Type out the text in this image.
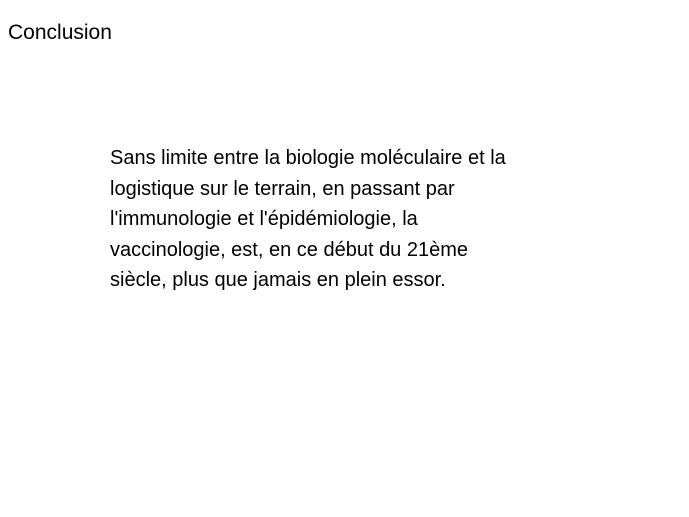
Conclusion
Sans limite entre la biologie moléculaire et la
logistique sur le terrain, en passant par
l'immunologie et l'épidémiologie, la
vaccinologie, est, en ce début du 21ème
siècle, plus que jamais en plein essor.
